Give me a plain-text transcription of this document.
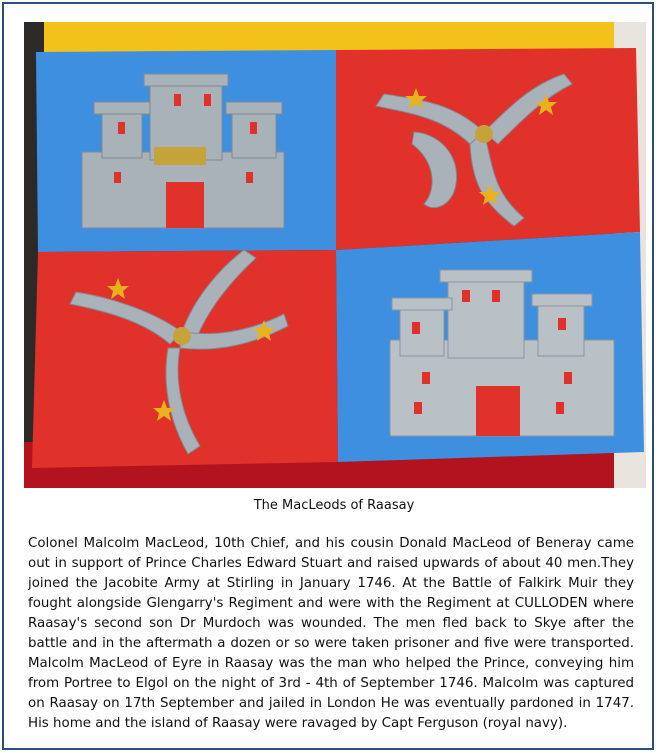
The MacLeods of Raasay
Colonel Malcolm MacLeod, 10th Chief, and his cousin Donald MacLeod of Beneray came out in support of Prince Charles Edward Stuart and raised upwards of about 40 men.They joined the Jacobite Army at Stirling in January 1746. At the Battle of Falkirk Muir they fought alongside Glengarry's Regiment and were with the Regiment at CULLODEN where Raasay's second son Dr Murdoch was wounded. The men fled back to Skye after the battle and in the aftermath a dozen or so were taken prisoner and five were transported. Malcolm MacLeod of Eyre in Raasay was the man who helped the Prince, conveying him from Portree to Elgol on the night of 3rd - 4th of September 1746. Malcolm was captured on Raasay on 17th September and jailed in London He was eventually pardoned in 1747. His home and the island of Raasay were ravaged by Capt Ferguson (royal navy).
